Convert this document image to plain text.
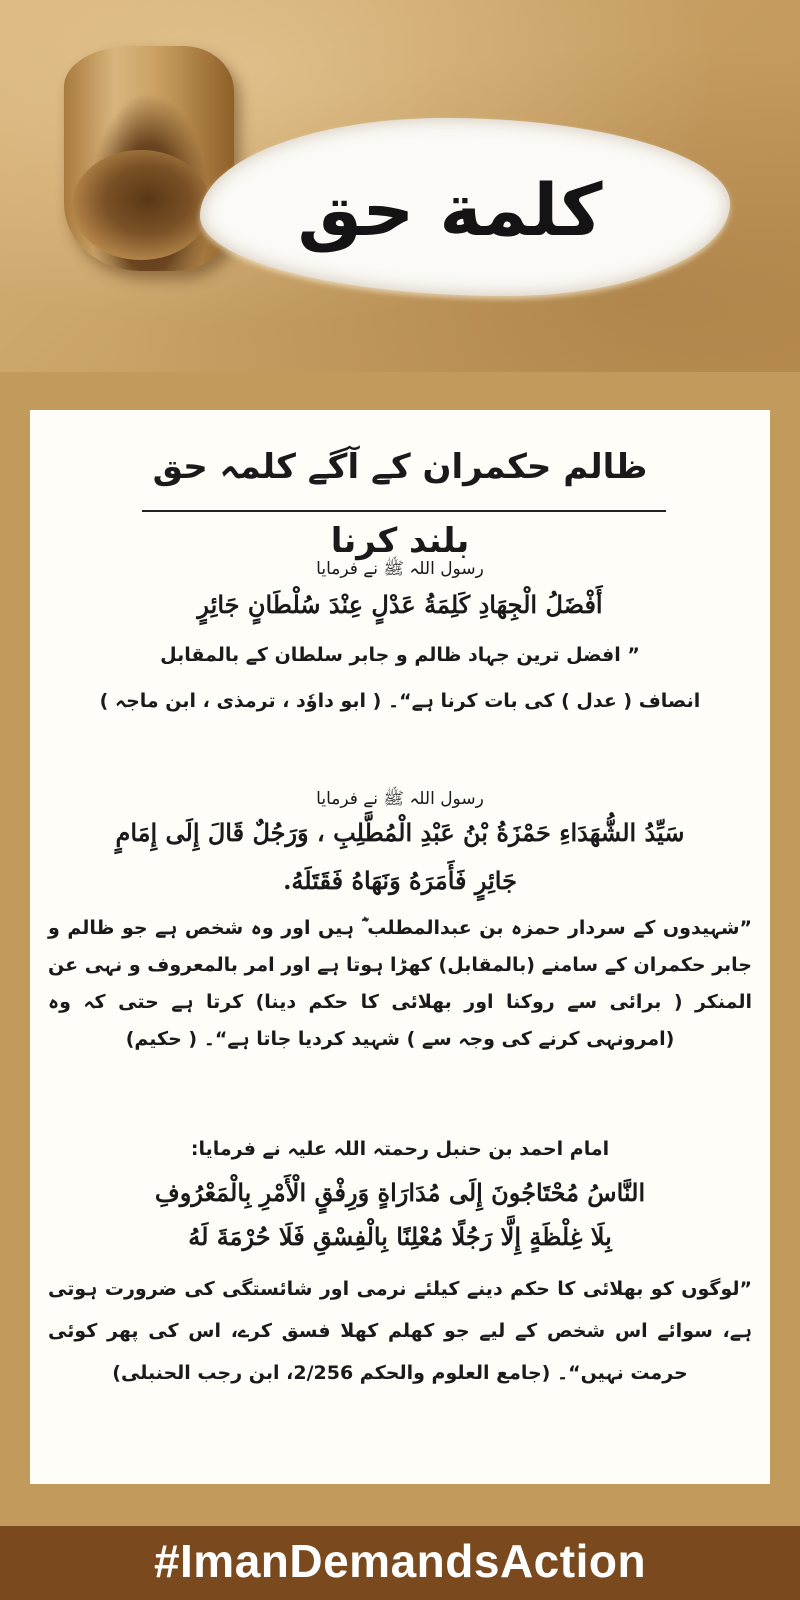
كلمة حق
ظالم حکمران کے آگے کلمہ حق بلند کرنا
رسول اللہ ﷺ نے فرمایا
أَفْضَلُ الْجِهَادِ كَلِمَةُ عَدْلٍ عِنْدَ سُلْطَانٍ جَائِرٍ
” افضل ترین جہاد ظالم و جابر سلطان کے بالمقابل
انصاف ( عدل ) کی بات کرنا ہے“۔ ( ابو داوٗد ، ترمذی ، ابن ماجہ )
رسول اللہ ﷺ نے فرمایا
سَيِّدُ الشُّهَدَاءِ حَمْزَةُ بْنُ عَبْدِ الْمُطَّلِبِ ، وَرَجُلٌ قَالَ إِلَى إِمَامٍ
جَائِرٍ فَأَمَرَهُ وَنَهَاهُ فَقَتَلَهُ.
”شہیدوں کے سردار حمزہ بن عبدالمطلب ؓ ہیں اور وہ شخص ہے جو ظالم و جابر حکمران کے سامنے (بالمقابل) کھڑا ہوتا ہے اور امر بالمعروف و نہی عن المنکر ( برائی سے روکنا اور بھلائی کا حکم دینا) کرتا ہے حتی کہ وہ (امرونہی کرنے کی وجہ سے ) شہید کردیا جاتا ہے“۔ ( حکیم)
امام احمد بن حنبل رحمتہ اللہ علیہ نے فرمایا:
النَّاسُ مُحْتَاجُونَ إِلَى مُدَارَاةٍ وَرِفْقٍ الْأَمْرِ بِالْمَعْرُوفِ
بِلَا غِلْظَةٍ إِلَّا رَجُلًا مُعْلِنًا بِالْفِسْقِ فَلَا حُرْمَةَ لَهُ
”لوگوں کو بھلائی کا حکم دینے کیلئے نرمی اور شائستگی کی ضرورت ہوتی ہے، سوائے اس شخص کے لیے جو کھلم کھلا فسق کرے، اس کی پھر کوئی حرمت نہیں“۔ (جامع العلوم والحکم 2/256، ابن رجب الحنبلی)
#ImanDemandsAction
